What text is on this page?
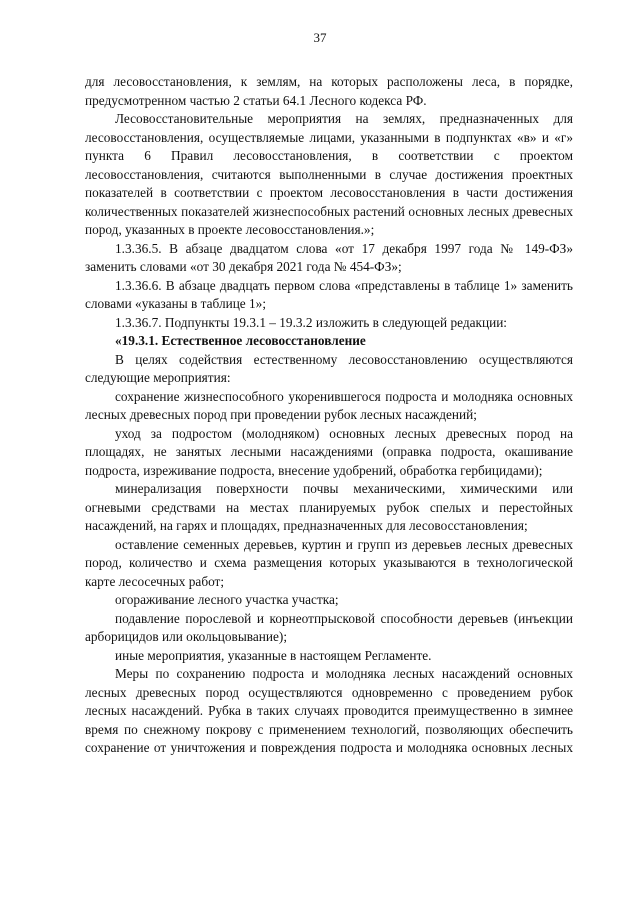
37

для лесовосстановления, к землям, на которых расположены леса, в порядке, предусмотренном частью 2 статьи 64.1 Лесного кодекса РФ.

Лесовосстановительные мероприятия на землях, предназначенных для лесовосстановления, осуществляемые лицами, указанными в подпунктах «в» и «г» пункта 6 Правил лесовосстановления, в соответствии с проектом лесовосстановления, считаются выполненными в случае достижения проектных показателей в соответствии с проектом лесовосстановления в части достижения количественных показателей жизнеспособных растений основных лесных древесных пород, указанных в проекте лесовосстановления.»;

1.3.36.5. В абзаце двадцатом слова «от 17 декабря 1997 года № 149-ФЗ» заменить словами «от 30 декабря 2021 года № 454-ФЗ»;

1.3.36.6. В абзаце двадцать первом слова «представлены в таблице 1» заменить словами «указаны в таблице 1»;

1.3.36.7. Подпункты 19.3.1 – 19.3.2 изложить в следующей редакции:

«19.3.1. Естественное лесовосстановление

В целях содействия естественному лесовосстановлению осуществляются следующие мероприятия:

сохранение жизнеспособного укоренившегося подроста и молодняка основных лесных древесных пород при проведении рубок лесных насаждений;

уход за подростом (молодняком) основных лесных древесных пород на площадях, не занятых лесными насаждениями (оправка подроста, окашивание подроста, изреживание подроста, внесение удобрений, обработка гербицидами);

минерализация поверхности почвы механическими, химическими или огневыми средствами на местах планируемых рубок спелых и перестойных насаждений, на гарях и площадях, предназначенных для лесовосстановления;

оставление семенных деревьев, куртин и групп из деревьев лесных древесных пород, количество и схема размещения которых указываются в технологической карте лесосечных работ;

огораживание лесного участка участка;

подавление порослевой и корнеотпрысковой способности деревьев (инъекции арборицидов или окольцовывание);

иные мероприятия, указанные в настоящем Регламенте.

Меры по сохранению подроста и молодняка лесных насаждений основных лесных древесных пород осуществляются одновременно с проведением рубок лесных насаждений. Рубка в таких случаях проводится преимущественно в зимнее время по снежному покрову с применением технологий, позволяющих обеспечить сохранение от уничтожения и повреждения подроста и молодняка основных лесных
